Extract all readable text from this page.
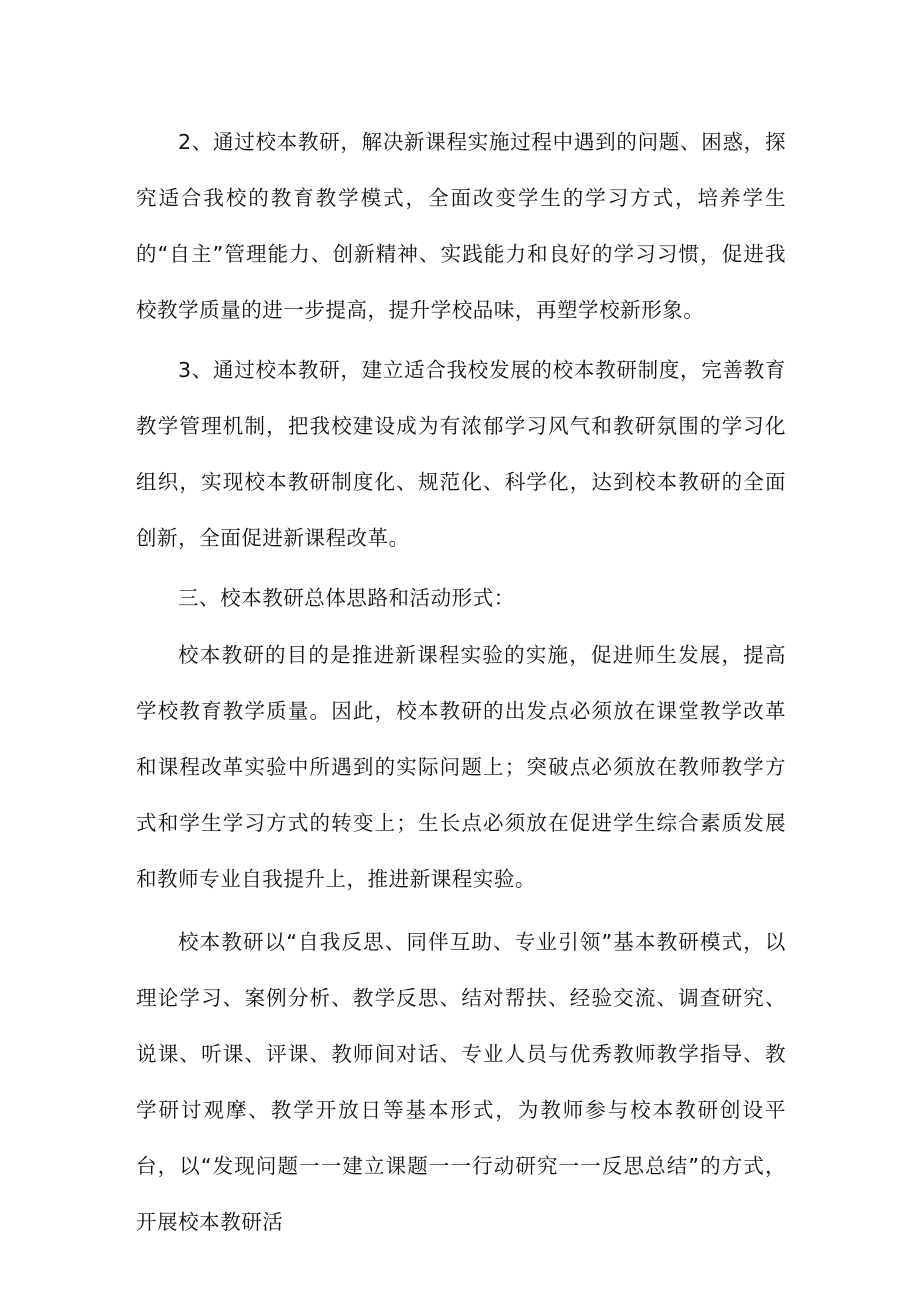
2、通过校本教研，解决新课程实施过程中遇到的问题、困惑，探究适合我校的教育教学模式，全面改变学生的学习方式，培养学生的“自主”管理能力、创新精神、实践能力和良好的学习习惯，促进我校教学质量的进一步提高，提升学校品味，再塑学校新形象。

3、通过校本教研，建立适合我校发展的校本教研制度，完善教育教学管理机制，把我校建设成为有浓郁学习风气和教研氛围的学习化组织，实现校本教研制度化、规范化、科学化，达到校本教研的全面创新，全面促进新课程改革。

三、校本教研总体思路和活动形式：

校本教研的目的是推进新课程实验的实施，促进师生发展，提高学校教育教学质量。因此，校本教研的出发点必须放在课堂教学改革和课程改革实验中所遇到的实际问题上；突破点必须放在教师教学方式和学生学习方式的转变上；生长点必须放在促进学生综合素质发展和教师专业自我提升上，推进新课程实验。

校本教研以“自我反思、同伴互助、专业引领”基本教研模式，以理论学习、案例分析、教学反思、结对帮扶、经验交流、调查研究、说课、听课、评课、教师间对话、专业人员与优秀教师教学指导、教学研讨观摩、教学开放日等基本形式，为教师参与校本教研创设平台，以“发现问题一一建立课题一一行动研究一一反思总结”的方式，开展校本教研活
